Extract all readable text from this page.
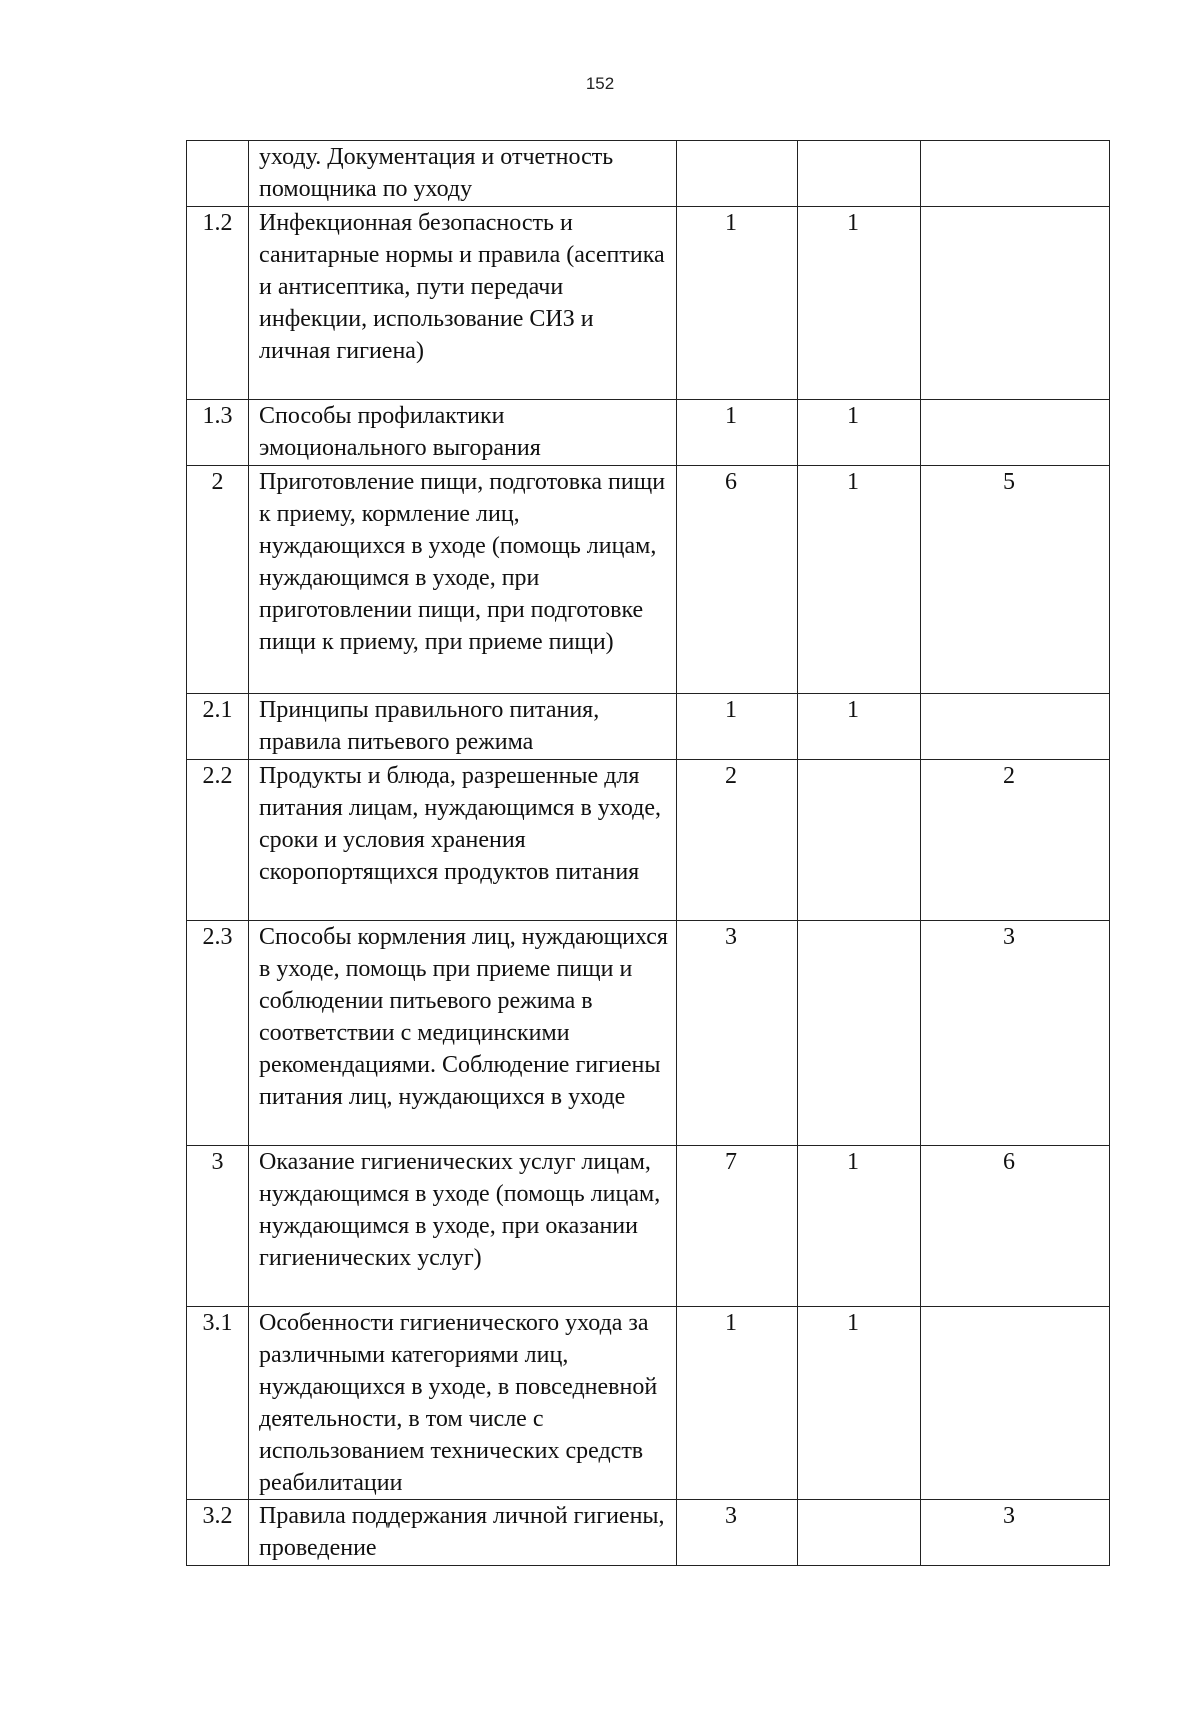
152
	уходу. Документация и отчетность помощника по уходу			
1.2	Инфекционная безопасность и санитарные нормы и правила (асептика и антисептика, пути передачи инфекции, использование СИЗ и личная гигиена)	1	1	
1.3	Способы профилактики эмоционального выгорания	1	1	
2	Приготовление пищи, подготовка пищи к приему, кормление лиц, нуждающихся в уходе (помощь лицам, нуждающимся в уходе, при приготовлении пищи, при подготовке пищи к приему, при приеме пищи)	6	1	5
2.1	Принципы правильного питания, правила питьевого режима	1	1	
2.2	Продукты и блюда, разрешенные для питания лицам, нуждающимся в уходе, сроки и условия хранения скоропортящихся продуктов питания	2		2
2.3	Способы кормления лиц, нуждающихся в уходе, помощь при приеме пищи и соблюдении питьевого режима в соответствии с медицинскими рекомендациями. Соблюдение гигиены питания лиц, нуждающихся в уходе	3		3
3	Оказание гигиенических услуг лицам, нуждающимся в уходе (помощь лицам, нуждающимся в уходе, при оказании гигиенических услуг)	7	1	6
3.1	Особенности гигиенического ухода за различными категориями лиц, нуждающихся в уходе, в повседневной деятельности, в том числе с использованием технических средств реабилитации	1	1	
3.2	Правила поддержания личной гигиены, проведение	3		3
